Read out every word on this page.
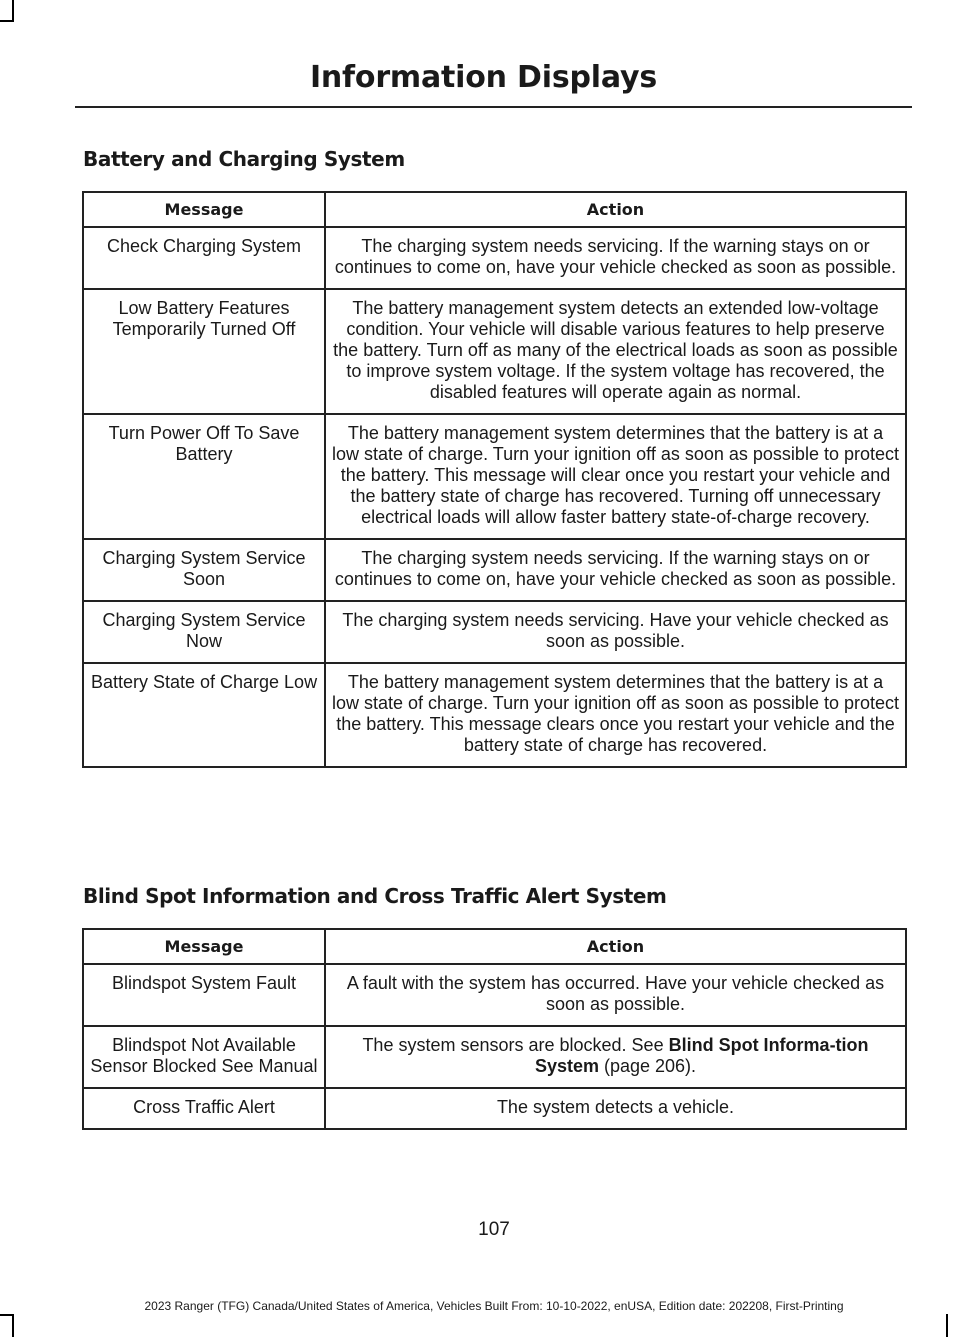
Information Displays
Battery and Charging System
Message	Action
Check Charging System	The charging system needs servicing. If the warning stays on or continues to come on, have your vehicle checked as soon as possible.
Low Battery Features Temporarily Turned Off	The battery management system detects an extended low-voltage condition. Your vehicle will disable various features to help preserve the battery. Turn off as many of the electrical loads as soon as possible to improve system voltage. If the system voltage has recovered, the disabled features will operate again as normal.
Turn Power Off To Save Battery	The battery management system determines that the battery is at a low state of charge. Turn your ignition off as soon as possible to protect the battery. This message will clear once you restart your vehicle and the battery state of charge has recovered. Turning off unnecessary electrical loads will allow faster battery state-of-charge recovery.
Charging System Service Soon	The charging system needs servicing. If the warning stays on or continues to come on, have your vehicle checked as soon as possible.
Charging System Service Now	The charging system needs servicing. Have your vehicle checked as soon as possible.
Battery State of Charge Low	The battery management system determines that the battery is at a low state of charge. Turn your ignition off as soon as possible to protect the battery. This message clears once you restart your vehicle and the battery state of charge has recovered.
Blind Spot Information and Cross Traffic Alert System
Message	Action
Blindspot System Fault	A fault with the system has occurred. Have your vehicle checked as soon as possible.
Blindspot Not Available Sensor Blocked See Manual	The system sensors are blocked. See Blind Spot Informa-tion System (page 206).
Cross Traffic Alert	The system detects a vehicle.
107
2023 Ranger (TFG) Canada/United States of America, Vehicles Built From: 10-10-2022, enUSA, Edition date: 202208, First-Printing
